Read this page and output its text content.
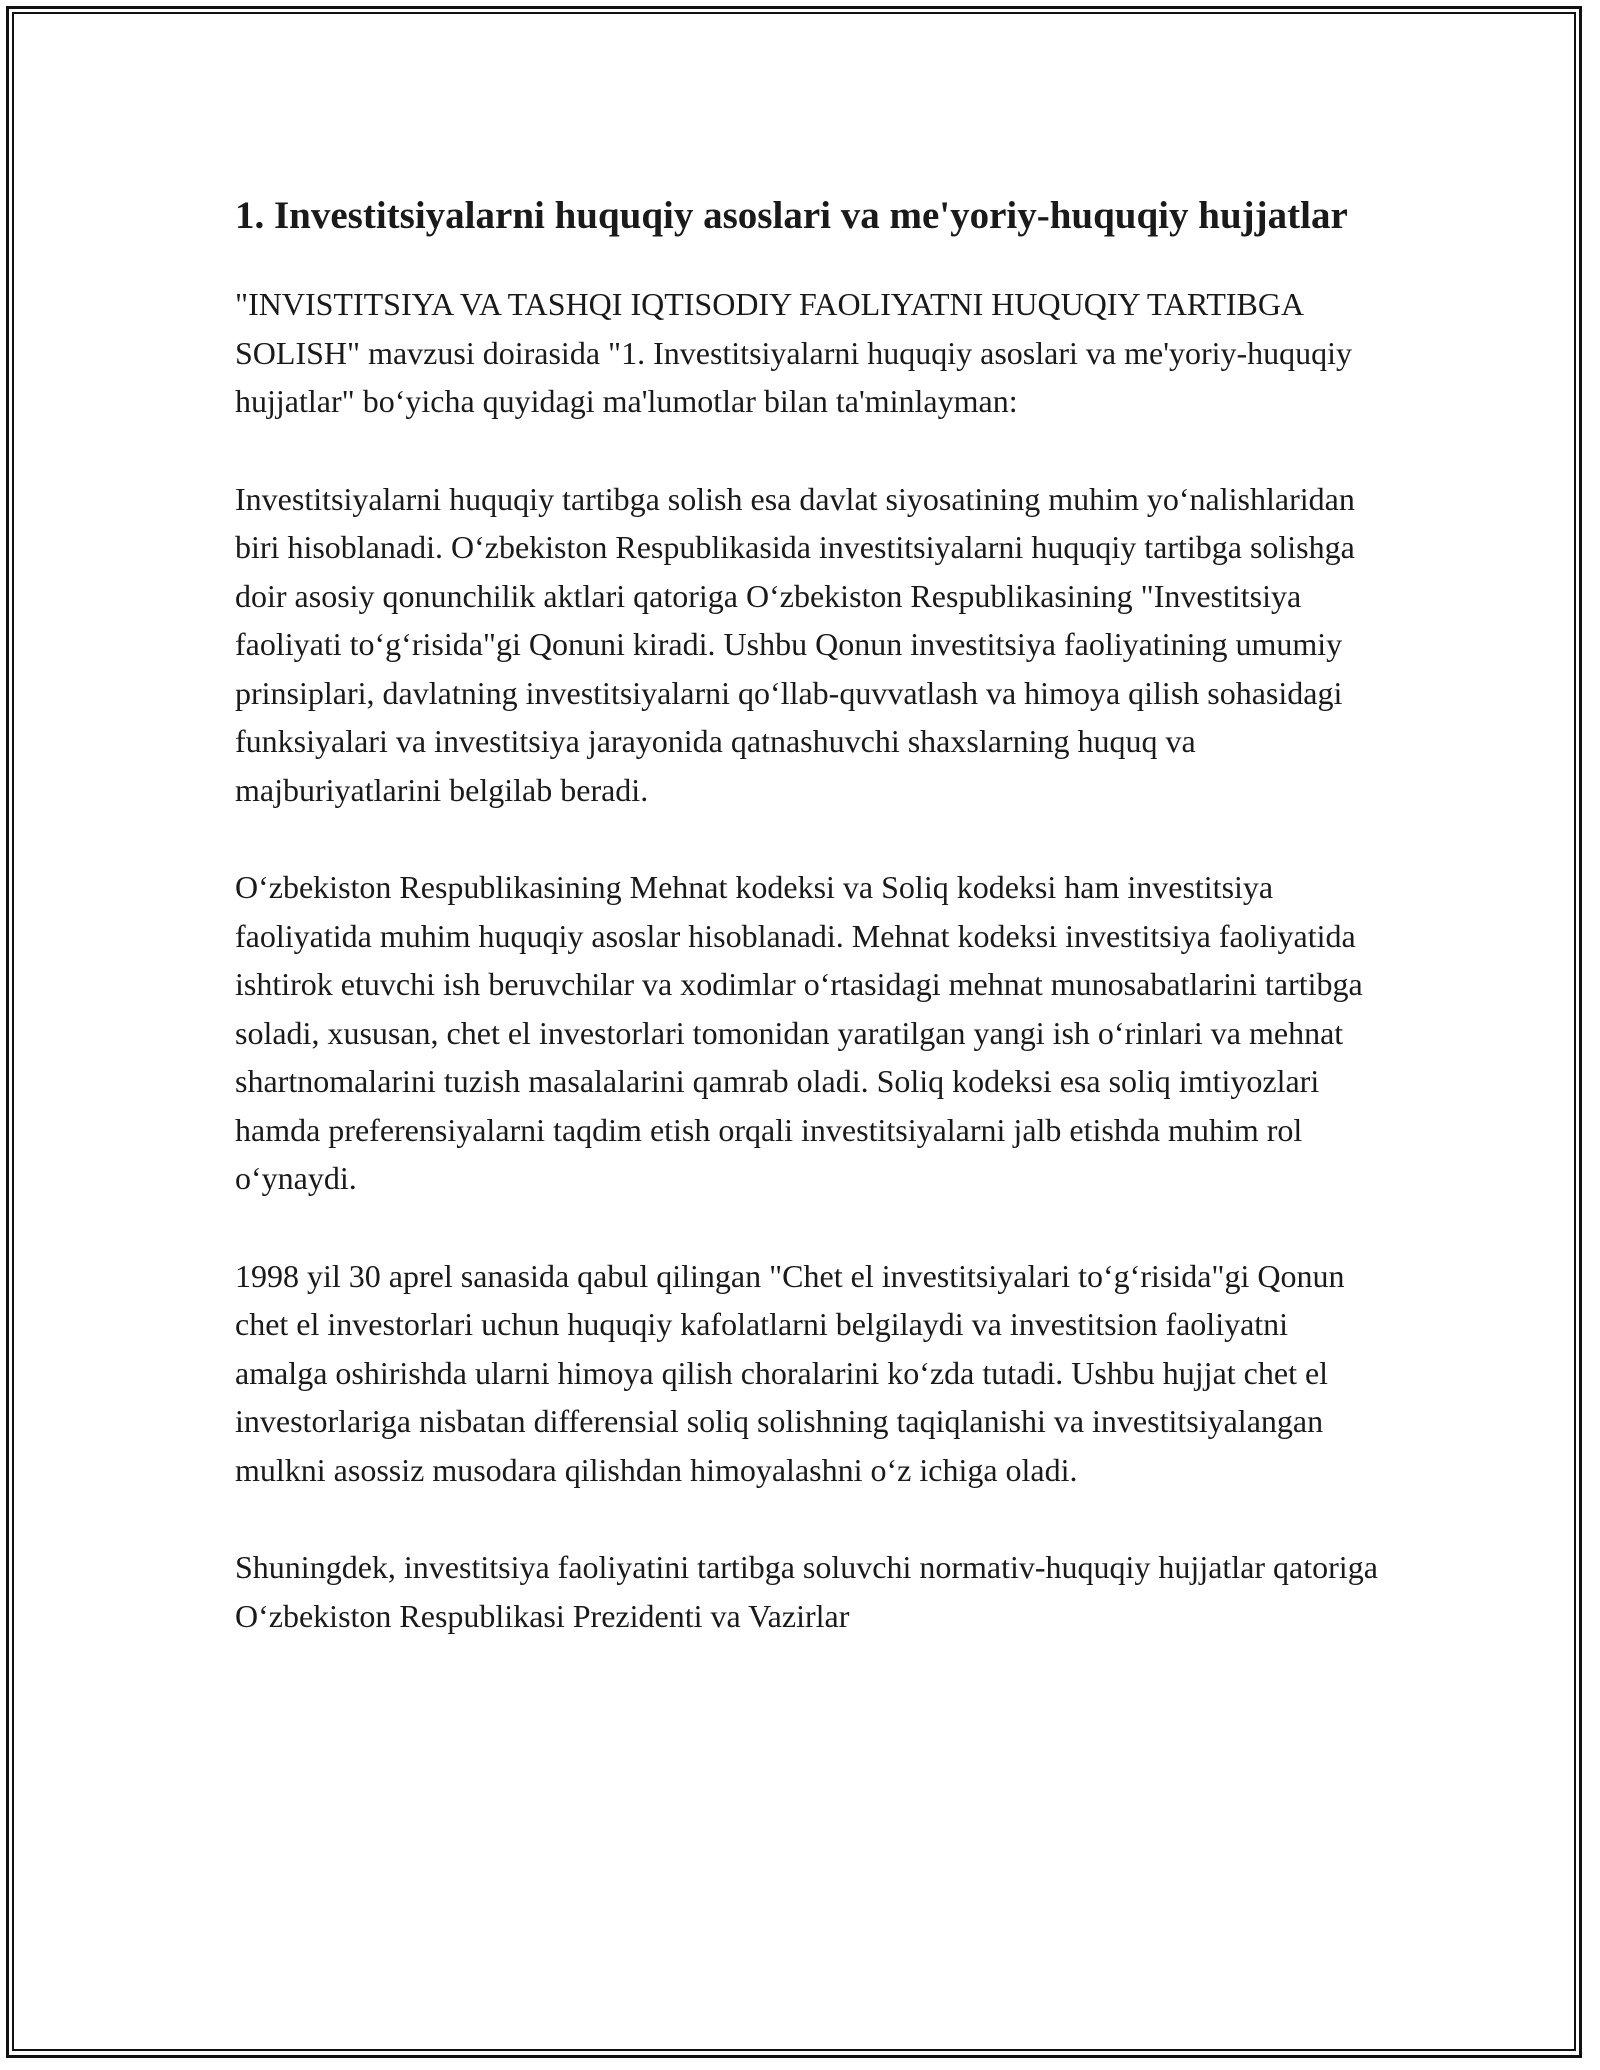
1. Investitsiyalarni huquqiy asoslari va me'yoriy-huquqiy hujjatlar

"INVISTITSIYA VA TASHQI IQTISODIY FAOLIYATNI HUQUQIY TARTIBGA SOLISH" mavzusi doirasida "1. Investitsiyalarni huquqiy asoslari va me'yoriy-huquqiy hujjatlar" boʻyicha quyidagi ma'lumotlar bilan ta'minlayman:

Investitsiyalarni huquqiy tartibga solish esa davlat siyosatining muhim yoʻnalishlaridan biri hisoblanadi. Oʻzbekiston Respublikasida investitsiyalarni huquqiy tartibga solishga doir asosiy qonunchilik aktlari qatoriga Oʻzbekiston Respublikasining "Investitsiya faoliyati toʻgʻrisida"gi Qonuni kiradi. Ushbu Qonun investitsiya faoliyatining umumiy prinsiplari, davlatning investitsiyalarni qoʻllab-quvvatlash va himoya qilish sohasidagi funksiyalari va investitsiya jarayonida qatnashuvchi shaxslarning huquq va majburiyatlarini belgilab beradi.

Oʻzbekiston Respublikasining Mehnat kodeksi va Soliq kodeksi ham investitsiya faoliyatida muhim huquqiy asoslar hisoblanadi. Mehnat kodeksi investitsiya faoliyatida ishtirok etuvchi ish beruvchilar va xodimlar oʻrtasidagi mehnat munosabatlarini tartibga soladi, xususan, chet el investorlari tomonidan yaratilgan yangi ish oʻrinlari va mehnat shartnomalarini tuzish masalalarini qamrab oladi. Soliq kodeksi esa soliq imtiyozlari hamda preferensiyalarni taqdim etish orqali investitsiyalarni jalb etishda muhim rol oʻynaydi.

1998 yil 30 aprel sanasida qabul qilingan "Chet el investitsiyalari toʻgʻrisida"gi Qonun chet el investorlari uchun huquqiy kafolatlarni belgilaydi va investitsion faoliyatni amalga oshirishda ularni himoya qilish choralarini koʻzda tutadi. Ushbu hujjat chet el investorlariga nisbatan differensial soliq solishning taqiqlanishi va investitsiyalangan mulkni asossiz musodara qilishdan himoyalashni oʻz ichiga oladi.

Shuningdek, investitsiya faoliyatini tartibga soluvchi normativ-huquqiy hujjatlar qatoriga Oʻzbekiston Respublikasi Prezidenti va Vazirlar
